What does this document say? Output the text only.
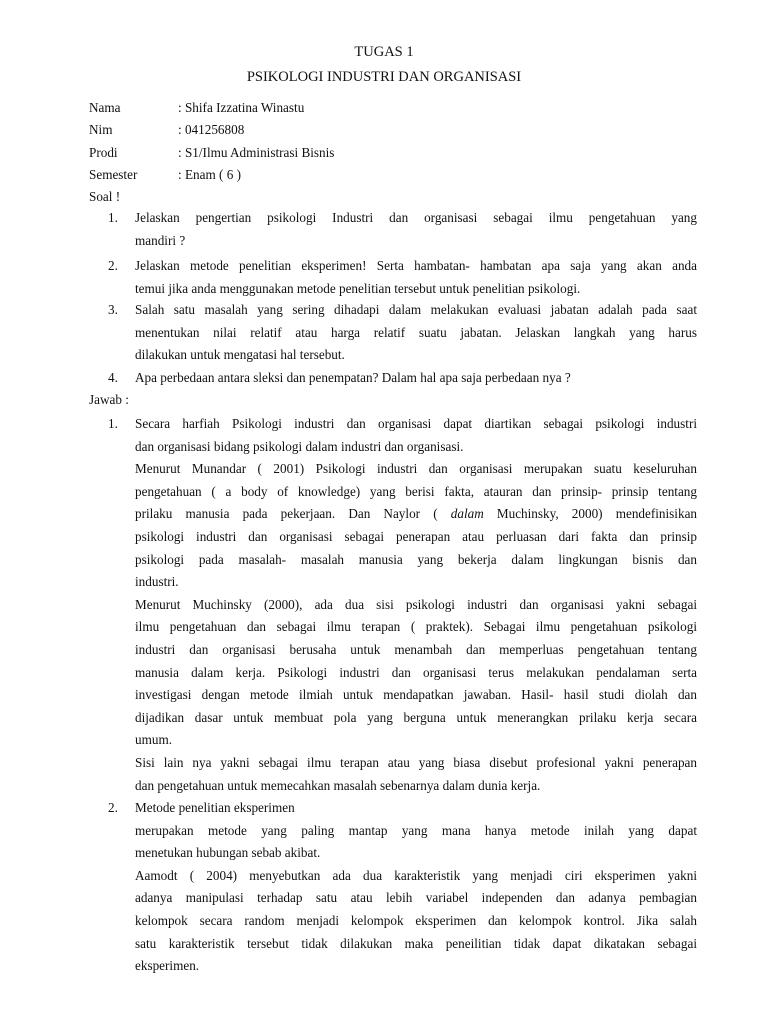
TUGAS 1
PSIKOLOGI INDUSTRI DAN ORGANISASI
Nama	: Shifa Izzatina Winastu
Nim	: 041256808
Prodi	: S1/Ilmu Administrasi Bisnis
Semester	: Enam ( 6 )
Soal !
1. Jelaskan pengertian psikologi Industri dan organisasi sebagai ilmu pengetahuan yang
mandiri ?
2. Jelaskan metode penelitian eksperimen! Serta hambatan- hambatan apa saja yang akan anda
temui jika anda menggunakan metode penelitian tersebut untuk penelitian psikologi.
3. Salah satu masalah yang sering dihadapi dalam melakukan evaluasi jabatan adalah pada saat
menentukan nilai relatif atau harga relatif suatu jabatan. Jelaskan langkah yang harus
dilakukan untuk mengatasi hal tersebut.
4. Apa perbedaan antara sleksi dan penempatan? Dalam hal apa saja perbedaan nya ?
Jawab :
1. Secara harfiah Psikologi industri dan organisasi dapat diartikan sebagai psikologi industri
dan organisasi bidang psikologi dalam industri dan organisasi.
Menurut Munandar ( 2001) Psikologi industri dan organisasi merupakan suatu keseluruhan
pengetahuan ( a body of knowledge) yang berisi fakta, atauran dan prinsip- prinsip tentang
prilaku manusia pada pekerjaan. Dan Naylor ( dalam Muchinsky, 2000) mendefinisikan
psikologi industri dan organisasi sebagai penerapan atau perluasan dari fakta dan prinsip
psikologi pada masalah- masalah manusia yang bekerja dalam lingkungan bisnis dan
industri.
Menurut Muchinsky (2000), ada dua sisi psikologi industri dan organisasi yakni sebagai
ilmu pengetahuan dan sebagai ilmu terapan ( praktek). Sebagai ilmu pengetahuan psikologi
industri dan organisasi berusaha untuk menambah dan memperluas pengetahuan tentang
manusia dalam kerja. Psikologi industri dan organisasi terus melakukan pendalaman serta
investigasi dengan metode ilmiah untuk mendapatkan jawaban. Hasil- hasil studi diolah dan
dijadikan dasar untuk membuat pola yang berguna untuk menerangkan prilaku kerja secara
umum.
Sisi lain nya yakni sebagai ilmu terapan atau yang biasa disebut profesional yakni penerapan
dan pengetahuan untuk memecahkan masalah sebenarnya dalam dunia kerja.
2. Metode penelitian eksperimen
merupakan metode yang paling mantap yang mana hanya metode inilah yang dapat
menetukan hubungan sebab akibat.
Aamodt ( 2004) menyebutkan ada dua karakteristik yang menjadi ciri eksperimen yakni
adanya manipulasi terhadap satu atau lebih variabel independen dan adanya pembagian
kelompok secara random menjadi kelompok eksperimen dan kelompok kontrol. Jika salah
satu karakteristik tersebut tidak dilakukan maka peneilitian tidak dapat dikatakan sebagai
eksperimen.
